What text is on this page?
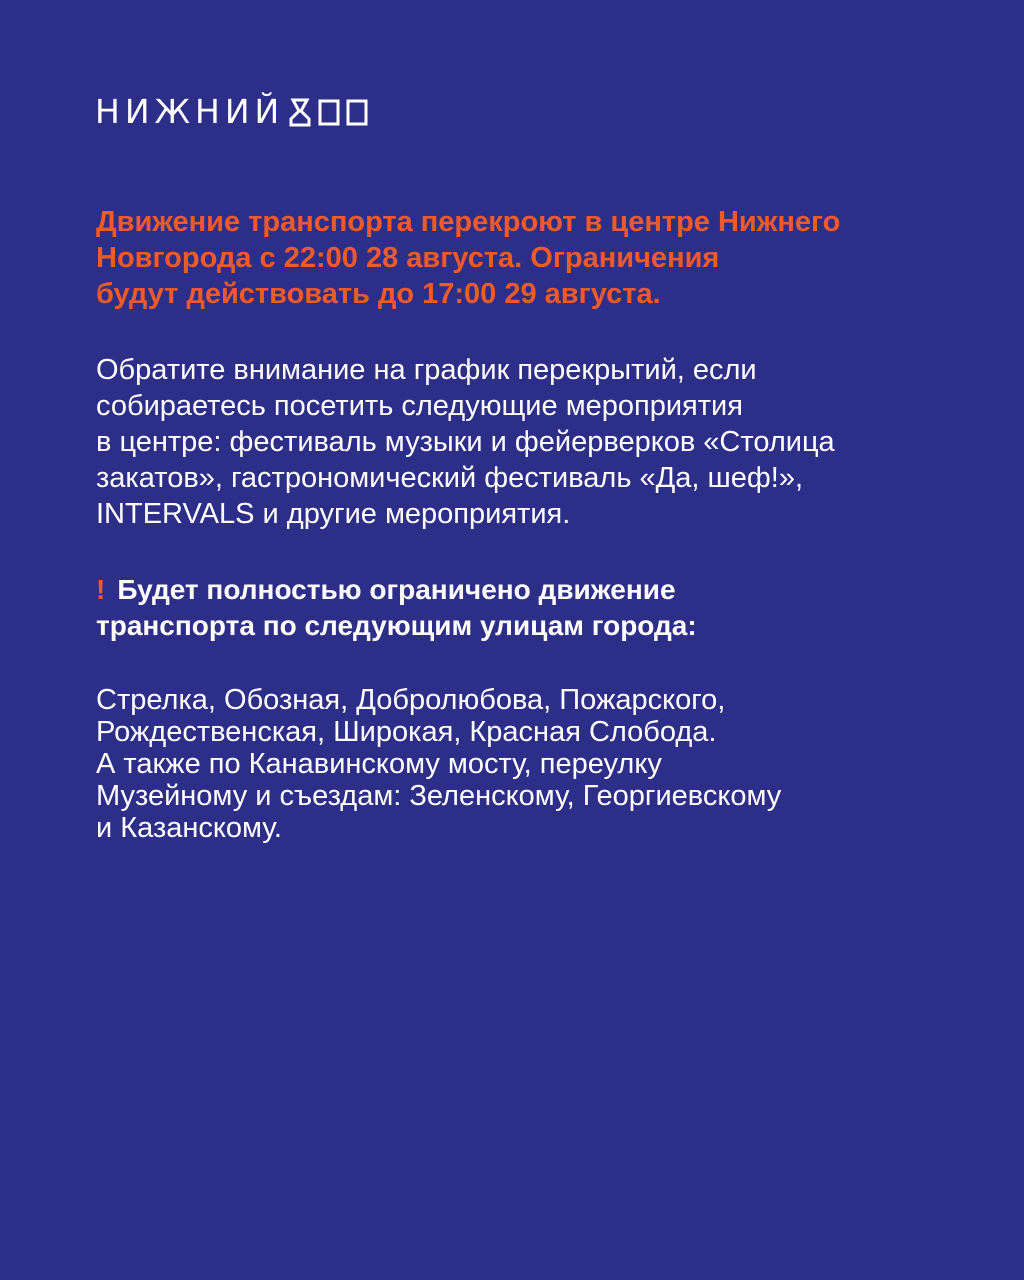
НИЖНИЙ

Движение транспорта перекроют в центре Нижнего
Новгорода с 22:00 28 августа. Ограничения
будут действовать до 17:00 29 августа.

Обратите внимание на график перекрытий, если
собираетесь посетить следующие мероприятия
в центре: фестиваль музыки и фейерверков «Столица
закатов», гастрономический фестиваль «Да, шеф!»,
INTERVALS и другие мероприятия.

! Будет полностью ограничено движение
транспорта по следующим улицам города:

Стрелка, Обозная, Добролюбова, Пожарского,
Рождественская, Широкая, Красная Слобода.
А также по Канавинскому мосту, переулку
Музейному и съездам: Зеленскому, Георгиевскому
и Казанскому.
